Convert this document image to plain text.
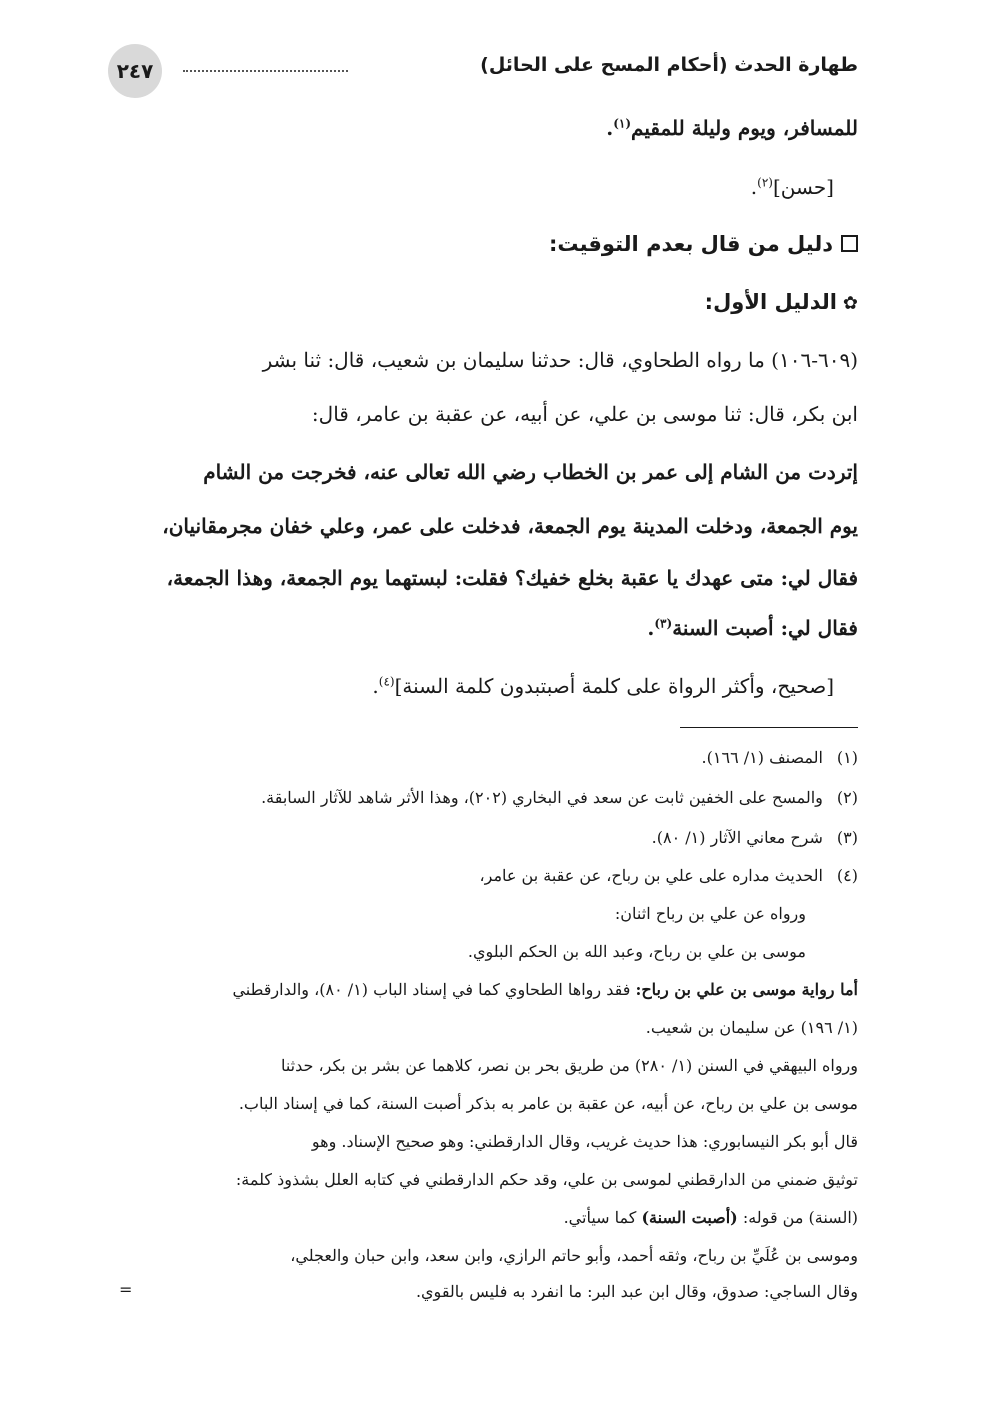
طهارة الحدث (أحكام المسح على الحائل)
٢٤٧
للمسافر، ويوم وليلة للمقيم$^{(١)}$.
[حسن]$^{(٢)}$.
دليل من قال بعدم التوقيت:
✿الدليل الأول:
(٦٠٩-١٠٦) ما رواه الطحاوي، قال: حدثنا سليمان بن شعيب، قال: ثنا بشر
ابن بكر، قال: ثنا موسى بن علي، عن أبيه، عن عقبة بن عامر، قال:
إتردت من الشام إلى عمر بن الخطاب رضي الله تعالى عنه، فخرجت من الشام
يوم الجمعة، ودخلت المدينة يوم الجمعة، فدخلت على عمر، وعلي خفان مجرمقانيان،
فقال لي: متى عهدك يا عقبة بخلع خفيك؟ فقلت: لبستهما يوم الجمعة، وهذا الجمعة،
فقال لي: أصبت السنة$^{(٣)}$.
[صحيح، وأكثر الرواة على كلمة أصبتبدون كلمة السنة]$^{(٤)}$.
(١) المصنف (١/ ١٦٦).
(٢) والمسح على الخفين ثابت عن سعد في البخاري (٢٠٢)، وهذا الأثر شاهد للآثار السابقة.
(٣) شرح معاني الآثار (١/ ٨٠).
(٤) الحديث مداره على علي بن رباح، عن عقبة بن عامر،
ورواه عن علي بن رباح اثنان:
موسى بن علي بن رباح، وعبد الله بن الحكم البلوي.
أما رواية موسى بن علي بن رباح: فقد رواها الطحاوي كما في إسناد الباب (١/ ٨٠)، والدارقطني
(١/ ١٩٦) عن سليمان بن شعيب.
ورواه البيهقي في السنن (١/ ٢٨٠) من طريق بحر بن نصر، كلاهما عن بشر بن بكر، حدثنا
موسى بن علي بن رباح، عن أبيه، عن عقبة بن عامر به بذكر أصبت السنة، كما في إسناد الباب.
قال أبو بكر النيسابوري: هذا حديث غريب، وقال الدارقطني: وهو صحيح الإسناد. وهو
توثيق ضمني من الدارقطني لموسى بن علي، وقد حكم الدارقطني في كتابه العلل بشذوذ كلمة:
(السنة) من قوله: (أصبت السنة) كما سيأتي.
وموسى بن عُلَيِّ بن رباح، وثقه أحمد، وأبو حاتم الرازي، وابن سعد، وابن حبان والعجلي،
وقال الساجي: صدوق، وقال ابن عبد البر: ما انفرد به فليس بالقوي.
=
